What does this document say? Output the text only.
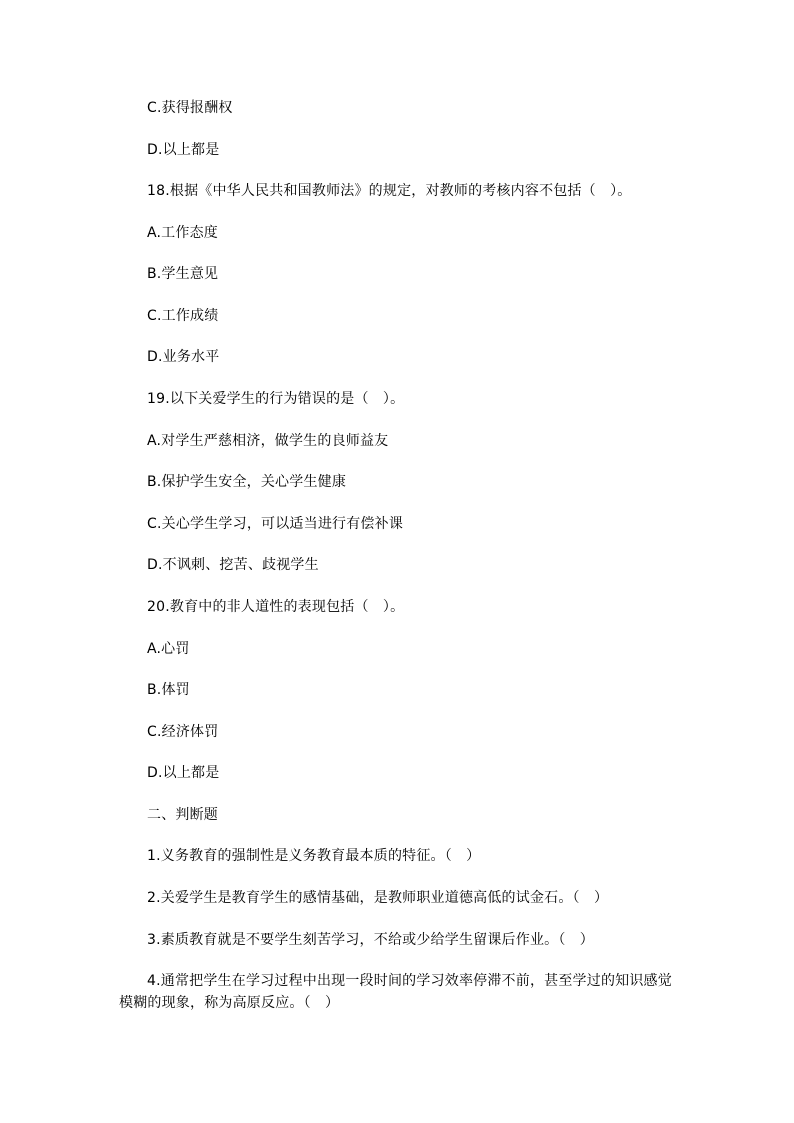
C.获得报酬权
D.以上都是
18.根据《中华人民共和国教师法》的规定，对教师的考核内容不包括（　）。
A.工作态度
B.学生意见
C.工作成绩
D.业务水平
19.以下关爱学生的行为错误的是（　）。
A.对学生严慈相济，做学生的良师益友
B.保护学生安全，关心学生健康
C.关心学生学习，可以适当进行有偿补课
D.不讽刺、挖苦、歧视学生
20.教育中的非人道性的表现包括（　）。
A.心罚
B.体罚
C.经济体罚
D.以上都是
二、判断题
1.义务教育的强制性是义务教育最本质的特征。（　）
2.关爱学生是教育学生的感情基础，是教师职业道德高低的试金石。（　）
3.素质教育就是不要学生刻苦学习，不给或少给学生留课后作业。（　）
4.通常把学生在学习过程中出现一段时间的学习效率停滞不前，甚至学过的知识感觉模糊的现象，称为高原反应。（　）
